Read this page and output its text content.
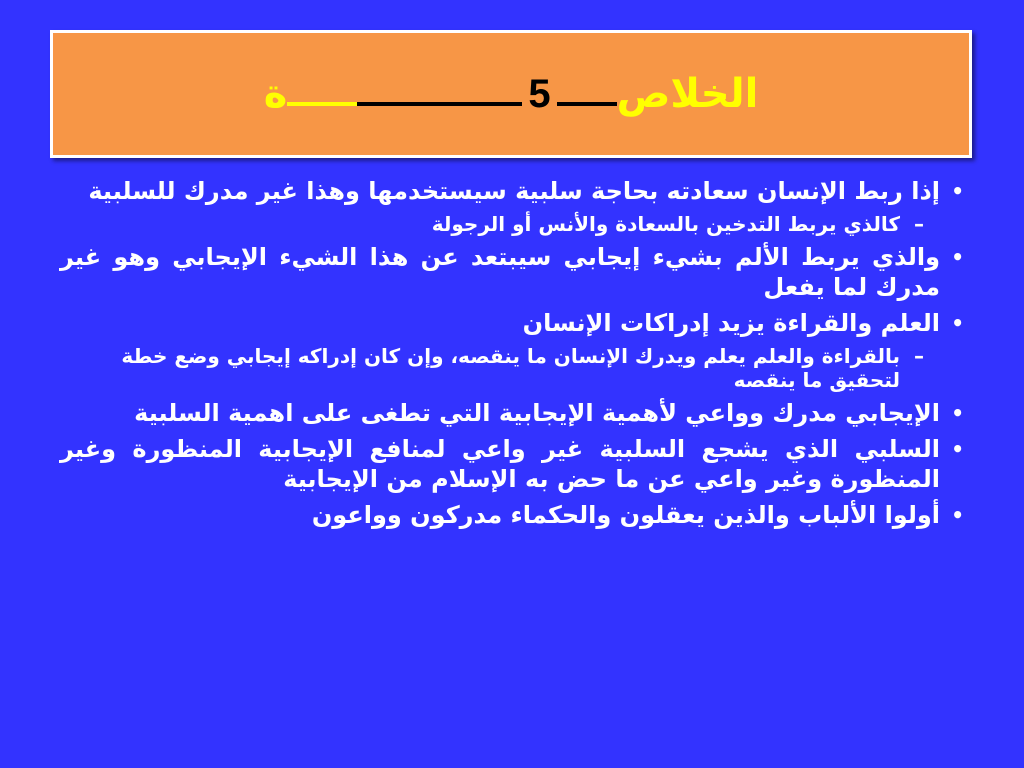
الخلاص
5
ة
•
إذا ربط الإنسان سعادته بحاجة سلبية سيستخدمها وهذا غير مدرك للسلبية
–
كالذي يربط التدخين بالسعادة والأنس أو الرجولة
•
والذي يربط الألم بشيء إيجابي سيبتعد عن هذا الشيء الإيجابي وهو غير مدرك لما يفعل
•
العلم والقراءة يزيد إدراكات الإنسان
–
بالقراءة والعلم يعلم ويدرك الإنسان ما ينقصه، وإن كان إدراكه إيجابي وضع خطة لتحقيق ما ينقصه
•
الإيجابي مدرك وواعي لأهمية الإيجابية التي تطغى على اهمية السلبية
•
السلبي الذي يشجع السلبية غير واعي لمنافع الإيجابية المنظورة وغير المنظورة وغير واعي عن ما حض به الإسلام من الإيجابية
•
أولوا الألباب والذين يعقلون والحكماء مدركون وواعون
